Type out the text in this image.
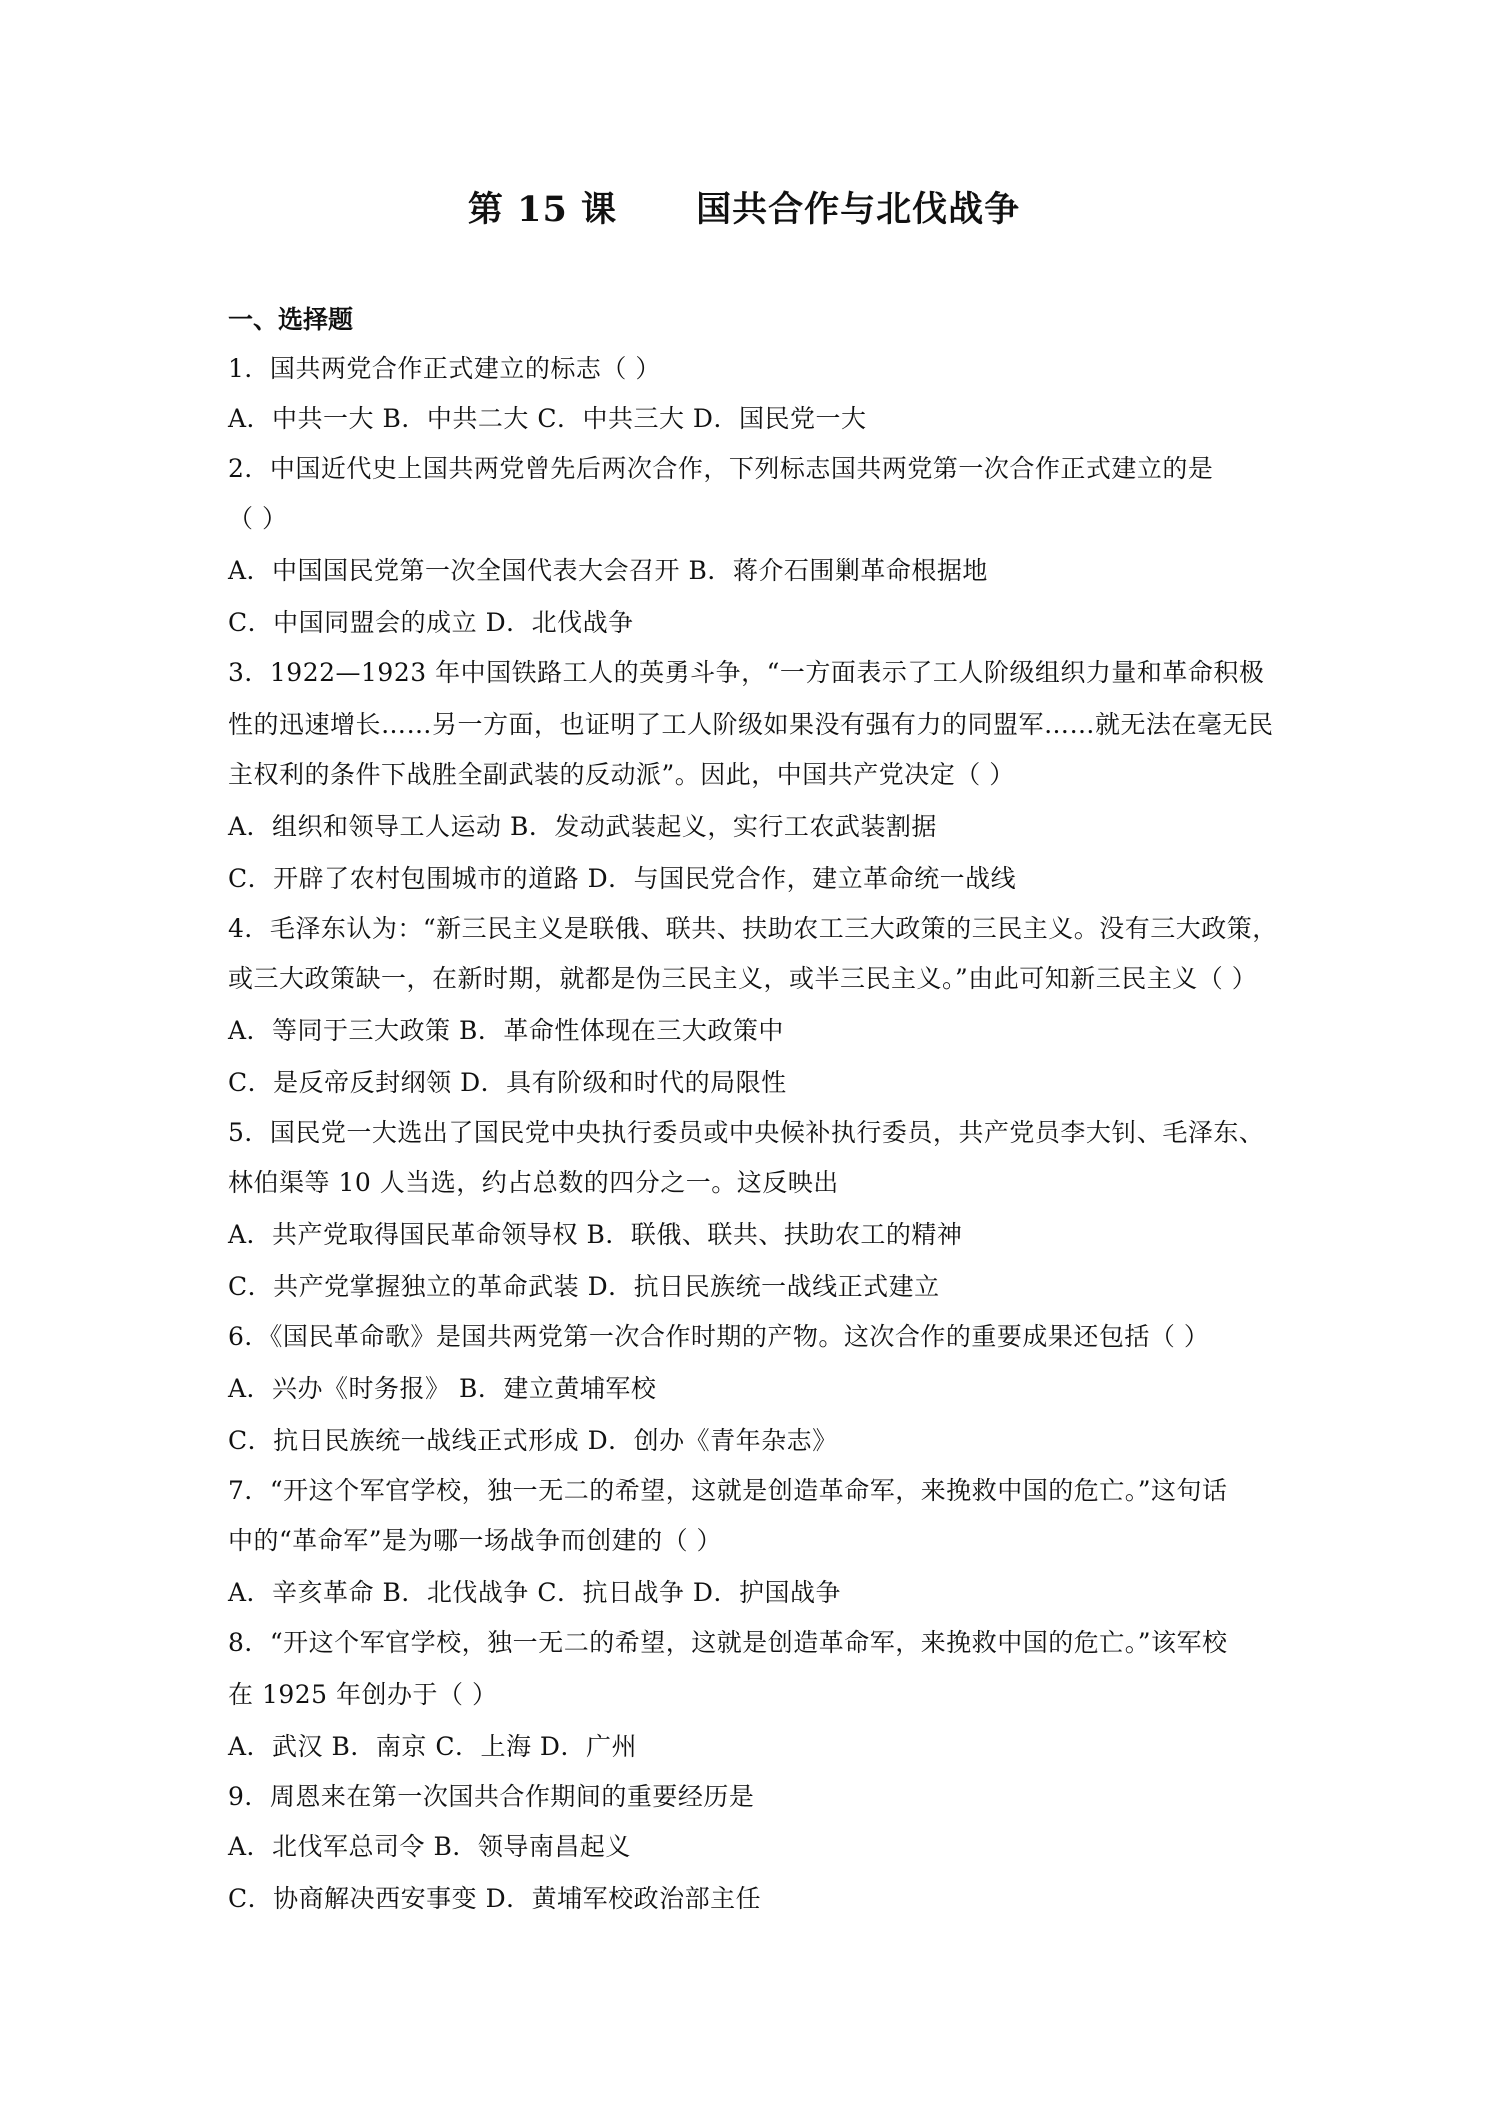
第 15 课      国共合作与北伐战争
一、选择题
1．国共两党合作正式建立的标志（ ）
A．中共一大 B．中共二大 C．中共三大 D．国民党一大
2．中国近代史上国共两党曾先后两次合作，下列标志国共两党第一次合作正式建立的是
（ ）
A．中国国民党第一次全国代表大会召开 B．蒋介石围剿革命根据地
C．中国同盟会的成立 D．北伐战争
3．1922—1923 年中国铁路工人的英勇斗争，“一方面表示了工人阶级组织力量和革命积极
性的迅速增长……另一方面，也证明了工人阶级如果没有强有力的同盟军……就无法在毫无民
主权利的条件下战胜全副武装的反动派”。因此，中国共产党决定（ ）
A．组织和领导工人运动 B．发动武装起义，实行工农武装割据
C．开辟了农村包围城市的道路 D．与国民党合作，建立革命统一战线
4．毛泽东认为：“新三民主义是联俄、联共、扶助农工三大政策的三民主义。没有三大政策，
或三大政策缺一，在新时期，就都是伪三民主义，或半三民主义。”由此可知新三民主义（ ）
A．等同于三大政策 B．革命性体现在三大政策中
C．是反帝反封纲领 D．具有阶级和时代的局限性
5．国民党一大选出了国民党中央执行委员或中央候补执行委员，共产党员李大钊、毛泽东、
林伯渠等 10 人当选，约占总数的四分之一。这反映出
A．共产党取得国民革命领导权 B．联俄、联共、扶助农工的精神
C．共产党掌握独立的革命武装 D．抗日民族统一战线正式建立
6．《国民革命歌》是国共两党第一次合作时期的产物。这次合作的重要成果还包括（ ）
A．兴办《时务报》 B．建立黄埔军校
C．抗日民族统一战线正式形成 D．创办《青年杂志》
7．“开这个军官学校，独一无二的希望，这就是创造革命军，来挽救中国的危亡。”这句话
中的“革命军”是为哪一场战争而创建的（ ）
A．辛亥革命 B．北伐战争 C．抗日战争 D．护国战争
8．“开这个军官学校，独一无二的希望，这就是创造革命军，来挽救中国的危亡。”该军校
在 1925 年创办于（ ）
A．武汉 B．南京 C．上海 D．广州
9．周恩来在第一次国共合作期间的重要经历是
A．北伐军总司令 B．领导南昌起义
C．协商解决西安事变 D．黄埔军校政治部主任
